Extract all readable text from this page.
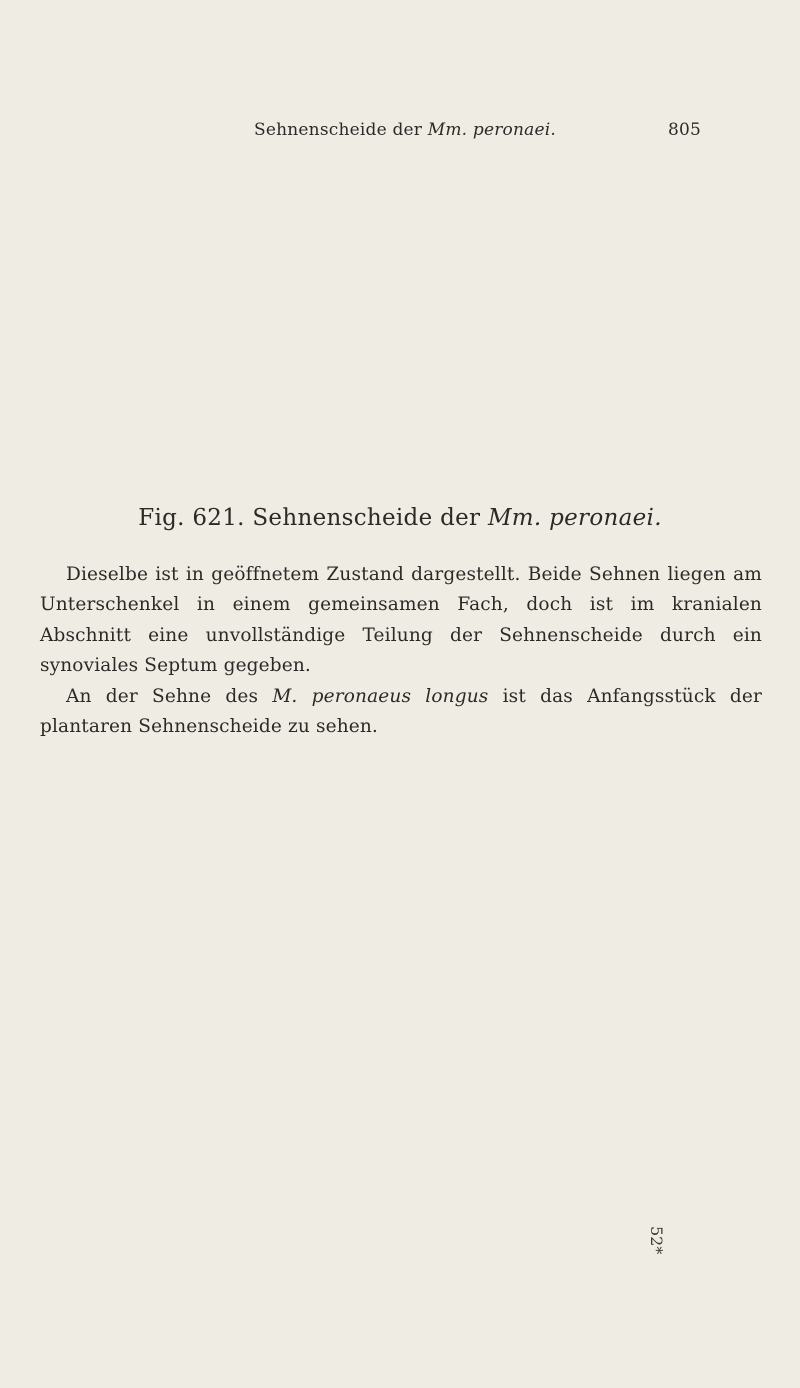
Sehnenscheide der Mm. peronaei.	805
Fig. 621. Sehnenscheide der Mm. peronaei.

Dieselbe ist in geöffnetem Zustand dargestellt. Beide Sehnen liegen am Unterschenkel in einem gemeinsamen Fach, doch ist im kranialen Abschnitt eine unvollständige Teilung der Sehnenscheide durch ein synoviales Septum gegeben.

An der Sehne des M. peronaeus longus ist das Anfangsstück der plantaren Sehnenscheide zu sehen.

52*
